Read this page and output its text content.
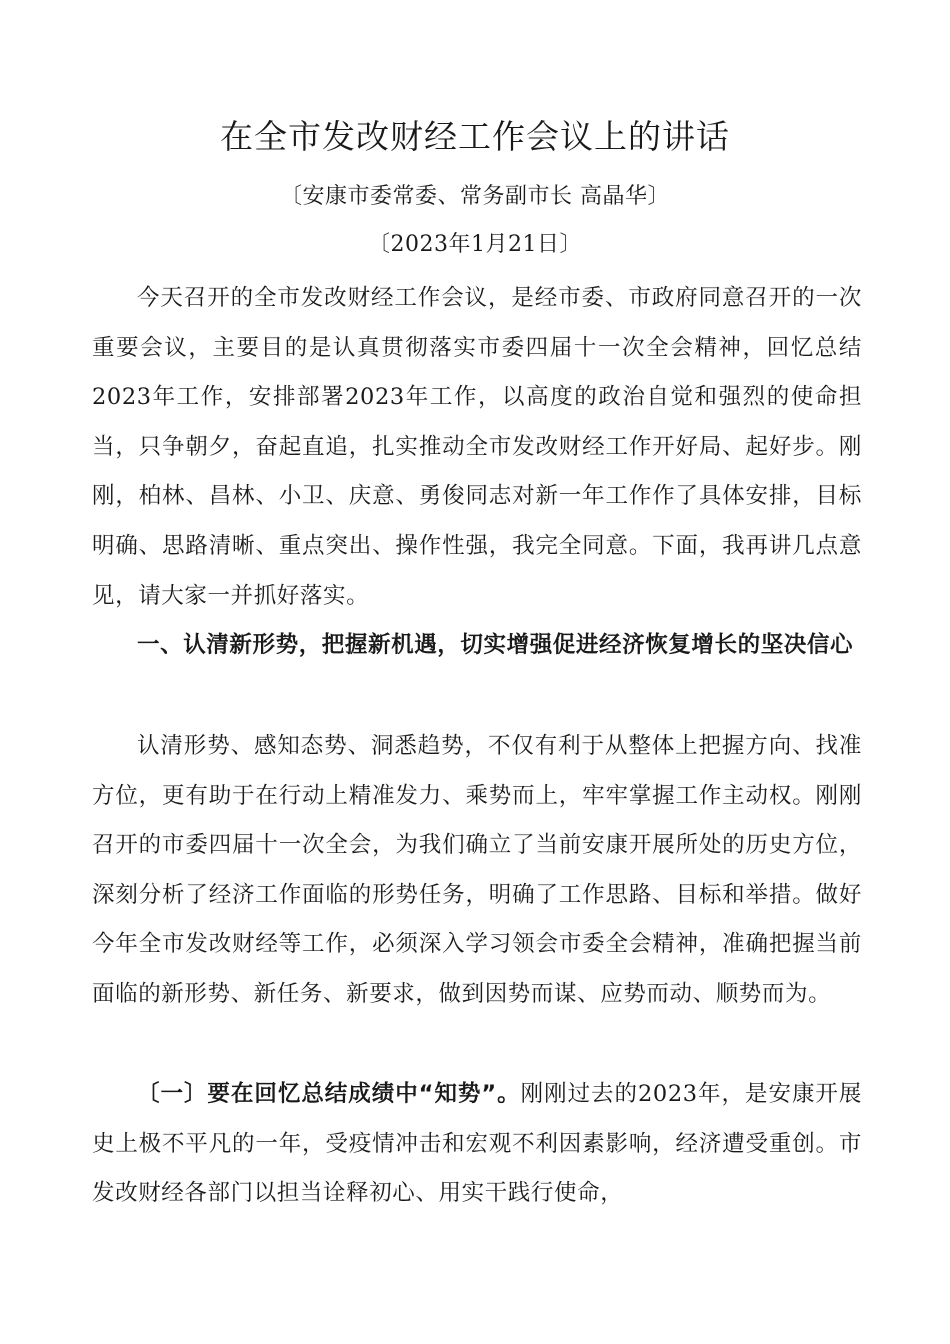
在全市发改财经工作会议上的讲话

〔安康市委常委、常务副市长 高晶华〕

〔2023年1月21日〕

今天召开的全市发改财经工作会议，是经市委、市政府同意召开的一次重要会议，主要目的是认真贯彻落实市委四届十一次全会精神，回忆总结2023年工作，安排部署2023年工作，以高度的政治自觉和强烈的使命担当，只争朝夕，奋起直追，扎实推动全市发改财经工作开好局、起好步。刚刚，柏林、昌林、小卫、庆意、勇俊同志对新一年工作作了具体安排，目标明确、思路清晰、重点突出、操作性强，我完全同意。下面，我再讲几点意见，请大家一并抓好落实。

一、认清新形势，把握新机遇，切实增强促进经济恢复增长的坚决信心

认清形势、感知态势、洞悉趋势，不仅有利于从整体上把握方向、找准方位，更有助于在行动上精准发力、乘势而上，牢牢掌握工作主动权。刚刚召开的市委四届十一次全会，为我们确立了当前安康开展所处的历史方位，深刻分析了经济工作面临的形势任务，明确了工作思路、目标和举措。做好今年全市发改财经等工作，必须深入学习领会市委全会精神，准确把握当前面临的新形势、新任务、新要求，做到因势而谋、应势而动、顺势而为。

〔一〕要在回忆总结成绩中“知势”。刚刚过去的2023年，是安康开展史上极不平凡的一年，受疫情冲击和宏观不利因素影响，经济遭受重创。市发改财经各部门以担当诠释初心、用实干践行使命，
